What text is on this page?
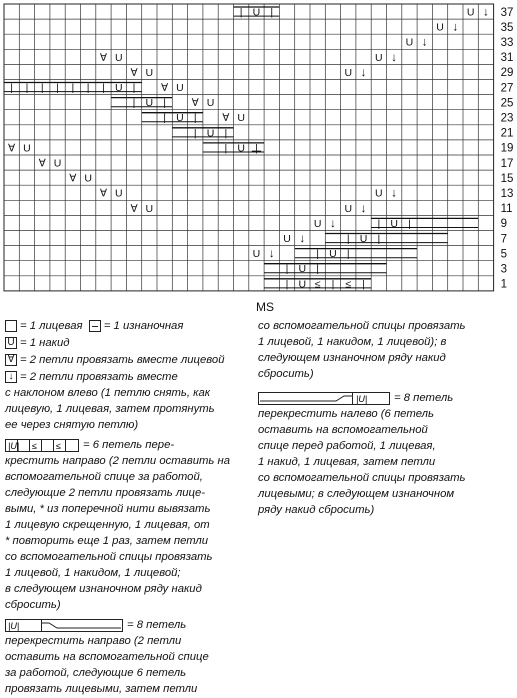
| U |	U ↓
U ↓
U ↓
U ↓
∀ U
∀ U	U ↓
| | | | | | | U | ∀ U
| U | ∀ U
| U | ∀ U
| U |
∀ U	| U |
∀ U
∀ U
∀ U	U ↓
∀ U	U ↓
U ↓	| U |
U ↓	| U |
U ↓	| U |
| U |
| U ≤ | ≤ |
37
35
33
31
29
27
25
23
21
19
17
15
13
11
9
7
5
3
1
MS

= 1 лицевая = 1 изнаночная

U = 1 накид

∀ = 2 петли провязать вместе лицевой

↓ = 2 петли провязать вместе
с наклоном влево (1 петлю снять, как
лицевую, 1 лицевая, затем протянуть
ее через снятую петлю)

|U| ≤ ≤ = 6 петель пере-
крестить направо (2 петли оставить на
вспомогательной спице за работой,
следующие 2 петли провязать лице-
выми, * из поперечной нити вывязать
1 лицевую скрещенную, 1 лицевая, от
* повторить еще 1 раз, затем петли
со вспомогательной спицы провязать
1 лицевой, 1 накидом, 1 лицевой;
в следующем изнаночном ряду накид
сбросить)

|U|	= 8 петель
перекрестить направо (2 петли
оставить на вспомогательной спице
за работой, следующие 6 петель
провязать лицевыми, затем петли

со вспомогательной спицы провязать
1 лицевой, 1 накидом, 1 лицевой); в
следующем изнаночном ряду накид
сбросить)

|U| = 8 петель
перекрестить налево (6 петель
оставить на вспомогательной
спице перед работой, 1 лицевая,
1 накид, 1 лицевая, затем петли
со вспомогательной спицы провязать
лицевыми; в следующем изнаночном
ряду накид сбросить)
